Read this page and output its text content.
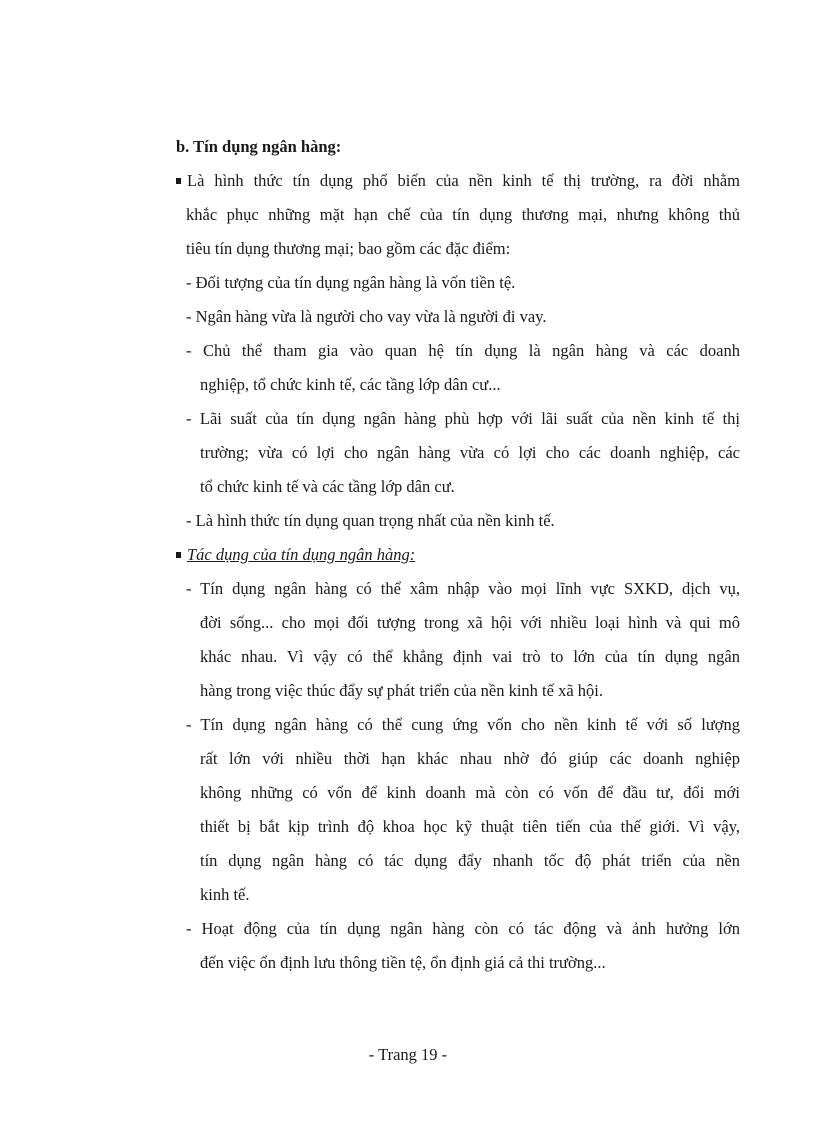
b. Tín dụng ngân hàng:

Là hình thức tín dụng phổ biến của nền kinh tế thị trường, ra đời nhằm
khắc phục những mặt hạn chế của tín dụng thương mại, nhưng không thủ
tiêu tín dụng thương mại; bao gồm các đặc điểm:
- Đối tượng của tín dụng ngân hàng là vốn tiền tệ.
- Ngân hàng vừa là người cho vay vừa là người đi vay.
- Chủ thể tham gia vào quan hệ tín dụng là ngân hàng và các doanh
nghiệp, tổ chức kinh tế, các tầng lớp dân cư...
- Lãi suất của tín dụng ngân hàng phù hợp với lãi suất của nền kinh tế thị
trường; vừa có lợi cho ngân hàng vừa có lợi cho các doanh nghiệp, các
tổ chức kinh tế và các tầng lớp dân cư.
- Là hình thức tín dụng quan trọng nhất của nền kinh tế.
Tác dụng của tín dụng ngân hàng:
- Tín dụng ngân hàng có thể xâm nhập vào mọi lĩnh vực SXKD, dịch vụ,
đời sống... cho mọi đối tượng trong xã hội với nhiều loại hình và qui mô
khác nhau. Vì vậy có thể khẳng định vai trò to lớn của tín dụng ngân
hàng trong việc thúc đẩy sự phát triển của nền kinh tế xã hội.
- Tín dụng ngân hàng có thể cung ứng vốn cho nền kinh tế với số lượng
rất lớn với nhiều thời hạn khác nhau nhờ đó giúp các doanh nghiệp
không những có vốn để kinh doanh mà còn có vốn để đầu tư, đổi mới
thiết bị bắt kịp trình độ khoa học kỹ thuật tiên tiến của thế giới. Vì vậy,
tín dụng ngân hàng có tác dụng đẩy nhanh tốc độ phát triển của nền
kinh tế.
- Hoạt động của tín dụng ngân hàng còn có tác động và ảnh hưởng lớn
đến việc ổn định lưu thông tiền tệ, ổn định giá cả thi trường...
- Trang 19 -
